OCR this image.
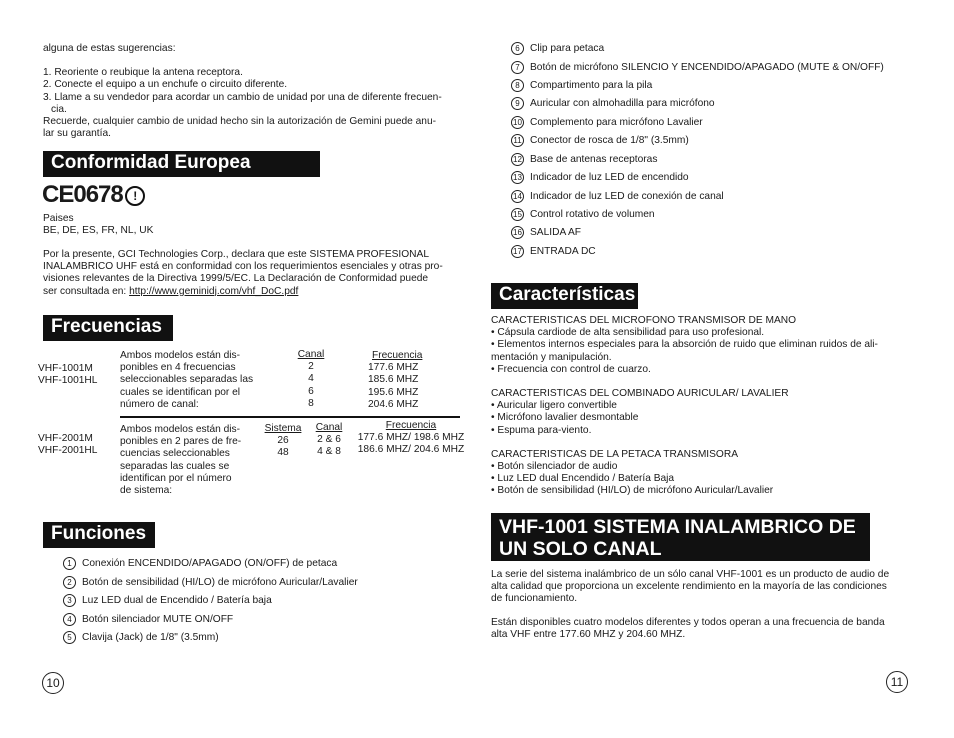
alguna de estas sugerencias:
1. Reoriente o reubique la antena receptora.
2. Conecte el equipo a un enchufe o circuito diferente.
3. Llame a su vendedor para acordar un cambio de unidad por una de diferente frecuen-
cia.
Recuerde, cualquier cambio de unidad hecho sin la autorización de Gemini puede anu-
lar su garantía.
Conformidad Europea
CE0678 !
Paises
BE, DE, ES, FR, NL, UK
Por la presente, GCI Technologies Corp., declara que este SISTEMA PROFESIONAL
INALAMBRICO UHF está en conformidad con los requerimientos esenciales y otras pro-
visiones relevantes de la Directiva 1999/5/EC. La Declaración de Conformidad puede
ser consultada en: http://www.geminidj.com/vhf_DoC.pdf
Frecuencias
VHF-1001M
VHF-1001HL
Ambos modelos están dis-
ponibles en 4 frecuencias
seleccionables separadas las
cuales se identifican por el
número de canal:
Canal
2
4
6
8
Frecuencia
177.6 MHZ
185.6 MHZ
195.6 MHZ
204.6 MHZ
VHF-2001M
VHF-2001HL
Ambos modelos están dis-
ponibles en 2 pares de fre-
cuencias seleccionables
separadas las cuales se
identifican por el número
de sistema:
Sistema
26
48
Canal
2 & 6
4 & 8
Frecuencia
177.6 MHZ/ 198.6 MHZ
186.6 MHZ/ 204.6 MHZ
Funciones
1 Conexión ENCENDIDO/APAGADO (ON/OFF) de petaca
2 Botón de sensibilidad (HI/LO) de micrófono Auricular/Lavalier
3 Luz LED dual de Encendido / Batería baja
4 Botón silenciador MUTE ON/OFF
5 Clavija (Jack) de 1/8" (3.5mm)
10
6 Clip para petaca
7 Botón de micrófono SILENCIO Y ENCENDIDO/APAGADO (MUTE & ON/OFF)
8 Compartimento para la pila
9 Auricular con almohadilla para micrófono
10 Complemento para micrófono Lavalier
11 Conector de rosca de 1/8" (3.5mm)
12 Base de antenas receptoras
13 Indicador de luz LED de encendido
14 Indicador de luz LED de conexión de canal
15 Control rotativo de volumen
16 SALIDA AF
17 ENTRADA DC
Características
CARACTERISTICAS DEL MICROFONO TRANSMISOR DE MANO
• Cápsula cardiode de alta sensibilidad para uso profesional.
• Elementos internos especiales para la absorción de ruido que eliminan ruidos de ali-
mentación y manipulación.
• Frecuencia con control de cuarzo.
CARACTERISTICAS DEL COMBINADO AURICULAR/ LAVALIER
• Auricular ligero convertible
• Micrófono lavalier desmontable
• Espuma para-viento.
CARACTERISTICAS DE LA PETACA TRANSMISORA
• Botón silenciador de audio
• Luz LED dual Encendido / Batería Baja
• Botón de sensibilidad (HI/LO) de micrófono Auricular/Lavalier
VHF-1001 SISTEMA INALAMBRICO DE
UN SOLO CANAL
La serie del sistema inalámbrico de un sólo canal VHF-1001 es un producto de audio de
alta calidad que proporciona un excelente rendimiento en la mayoría de las condiciones
de funcionamiento.
Están disponibles cuatro modelos diferentes y todos operan a una frecuencia de banda
alta VHF entre 177.60 MHZ y 204.60 MHZ.
11
